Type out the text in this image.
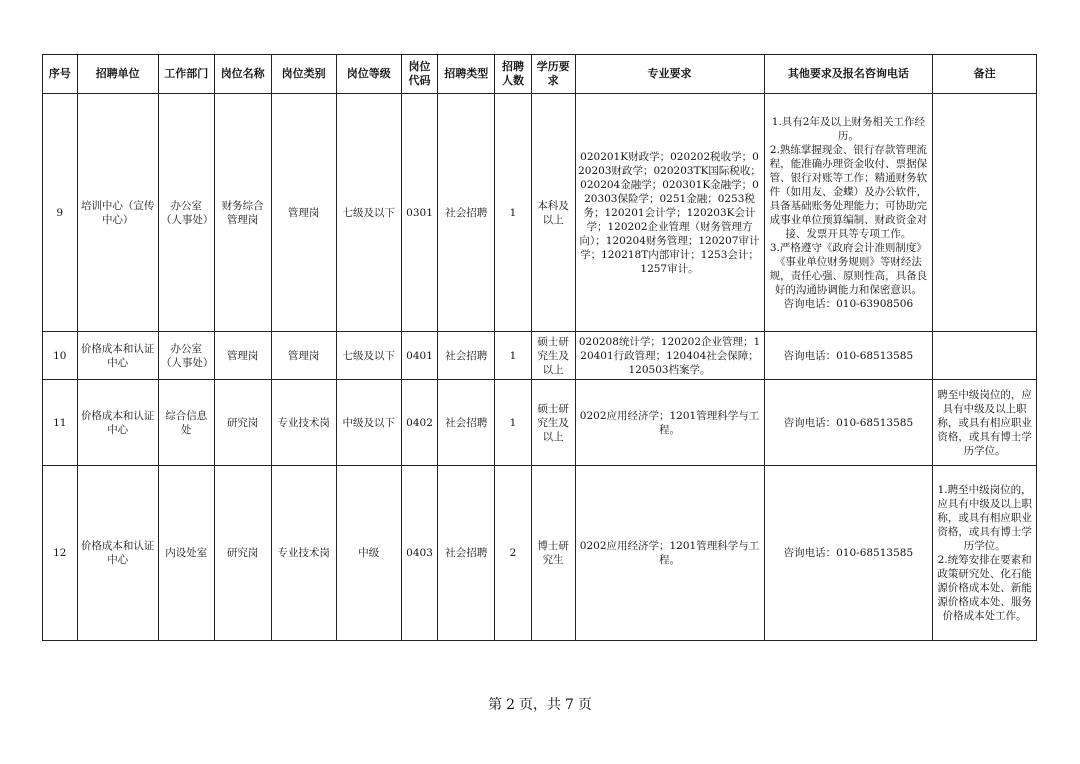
序号	招聘单位	工作部门	岗位名称	岗位类别	岗位等级	岗位代码	招聘类型	招聘人数	学历要求	专业要求	其他要求及报名咨询电话	备注
9	培训中心（宣传中心）	办公室（人事处）	财务综合管理岗	管理岗	七级及以下	0301	社会招聘	1	本科及以上	020201K财政学；020202税收学；020203财政学；020203TK国际税收；020204金融学；020301K金融学；020303保险学；0251金融；0253税务；120201会计学；120203K会计学；120202企业管理（财务管理方向）；120204财务管理；120207审计学；120218T内部审计；1253会计；1257审计。	1.具有2年及以上财务相关工作经历。
2.熟练掌握现金、银行存款管理流程，能准确办理资金收付、票据保管、银行对账等工作；精通财务软件（如用友、金蝶）及办公软件，具备基础账务处理能力；可协助完成事业单位预算编制、财政资金对接、发票开具等专项工作。
3.严格遵守《政府会计准则制度》《事业单位财务规则》等财经法规，责任心强、原则性高，具备良好的沟通协调能力和保密意识。
咨询电话：010-63908506	
10	价格成本和认证中心	办公室（人事处）	管理岗	管理岗	七级及以下	0401	社会招聘	1	硕士研究生及以上	020208统计学；120202企业管理；120401行政管理；120404社会保障；120503档案学。	咨询电话：010-68513585	
11	价格成本和认证中心	综合信息处	研究岗	专业技术岗	中级及以下	0402	社会招聘	1	硕士研究生及以上	0202应用经济学；1201管理科学与工程。	咨询电话：010-68513585	聘至中级岗位的，应具有中级及以上职称，或具有相应职业资格，或具有博士学历学位。
12	价格成本和认证中心	内设处室	研究岗	专业技术岗	中级	0403	社会招聘	2	博士研究生	0202应用经济学；1201管理科学与工程。	咨询电话：010-68513585	1.聘至中级岗位的，应具有中级及以上职称，或具有相应职业资格，或具有博士学历学位。
2.统筹安排在要素和政策研究处、化石能源价格成本处、新能源价格成本处、服务价格成本处工作。
第 2 页，共 7 页
